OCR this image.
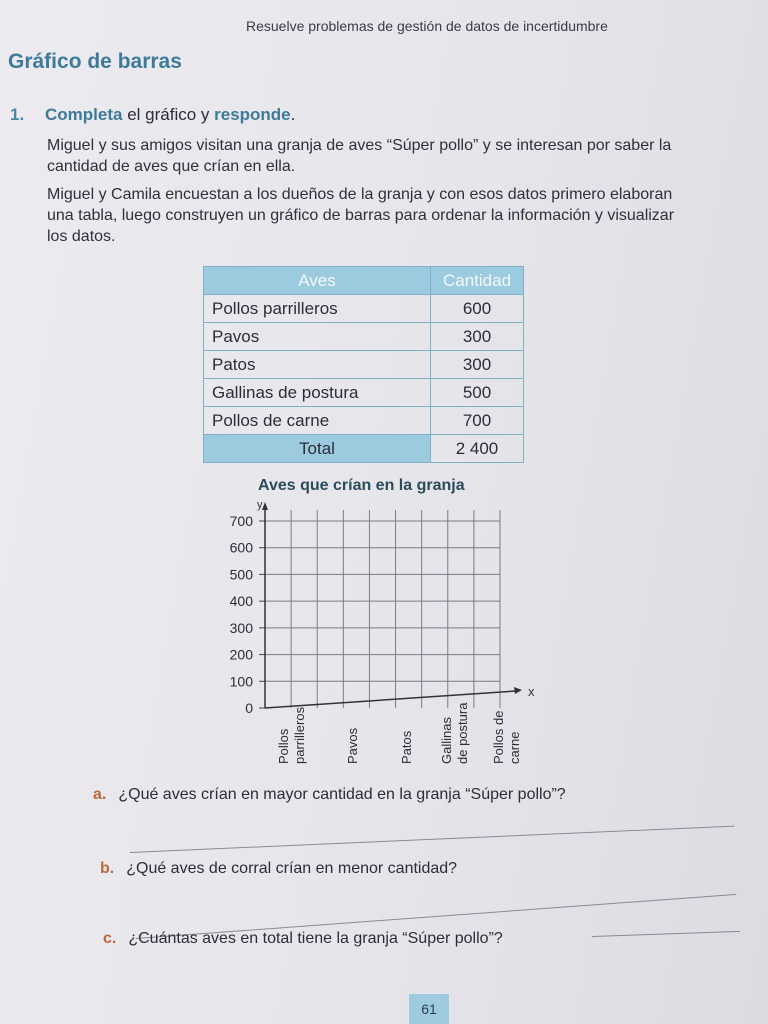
Resuelve problemas de gestión de datos de incertidumbre
Gráfico de barras
1. Completa el gráfico y responde.
Miguel y sus amigos visitan una granja de aves “Súper pollo” y se interesan por saber la cantidad de aves que crían en ella.
Miguel y Camila encuestan a los dueños de la granja y con esos datos primero elaboran una tabla, luego construyen un gráfico de barras para ordenar la información y visualizar los datos.
Aves	Cantidad
Pollos parrilleros	600
Pavos	300
Patos	300
Gallinas de postura	500
Pollos de carne	700
Total	2 400
Aves que crían en la granja
0
100
200
300
400
500
600
700
y
x
Pollos parrilleros	Pavos	Patos Gallinas de postura Pollos de carne
a. ¿Qué aves crían en mayor cantidad en la granja “Súper pollo”?
b. ¿Qué aves de corral crían en menor cantidad?
c. ¿Cuántas aves en total tiene la granja “Súper pollo”?
61
